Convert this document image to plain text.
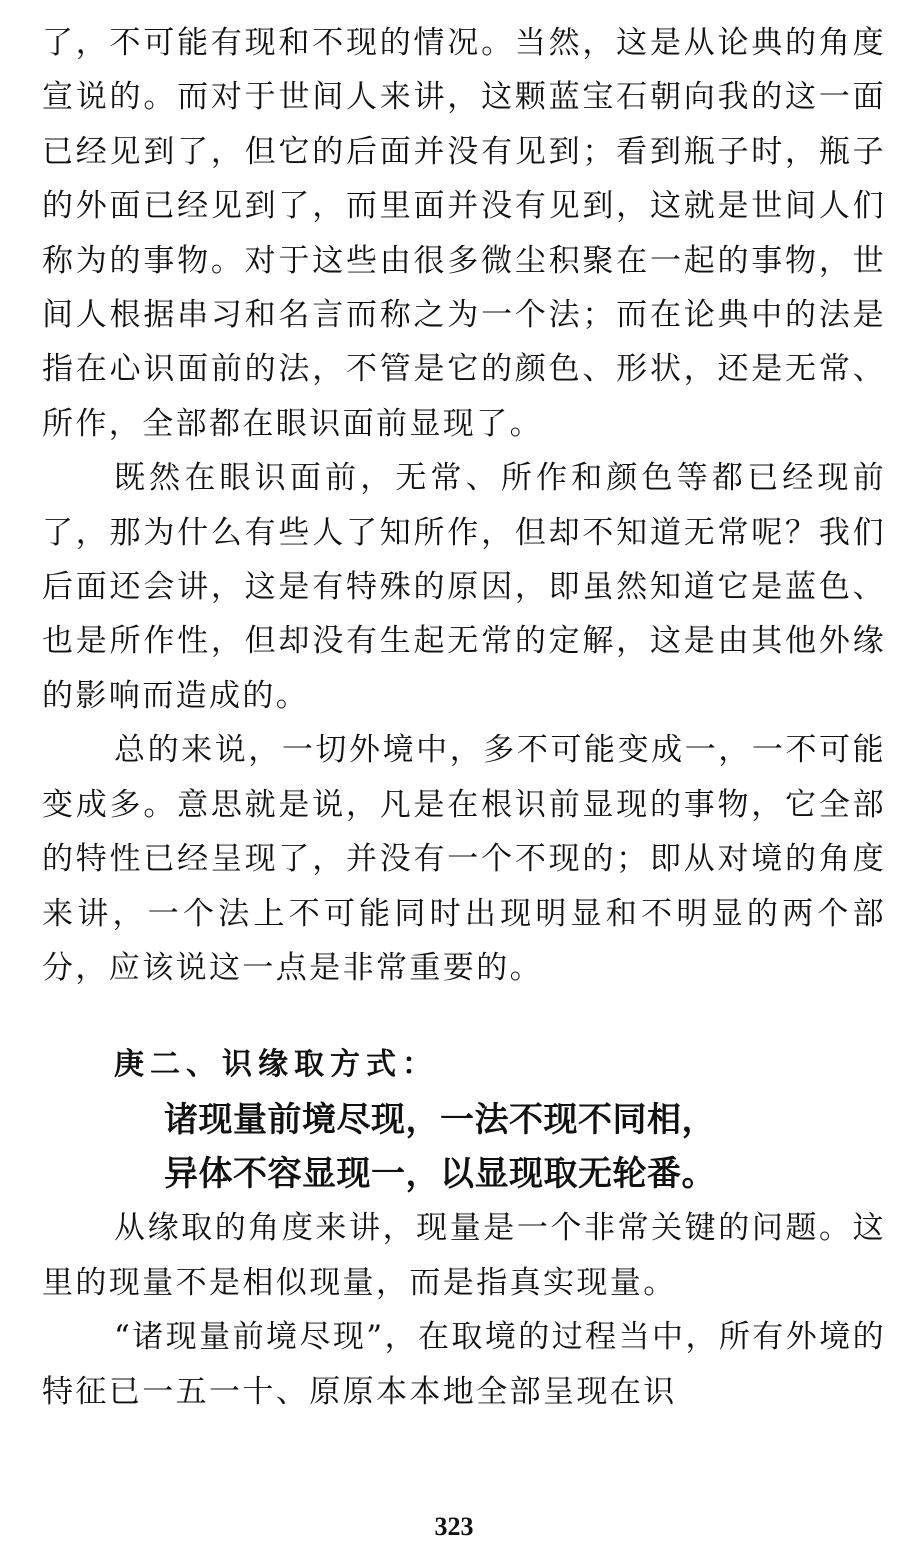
了，不可能有现和不现的情况。当然，这是从论典的角度宣说的。而对于世间人来讲，这颗蓝宝石朝向我的这一面已经见到了，但它的后面并没有见到；看到瓶子时，瓶子的外面已经见到了，而里面并没有见到，这就是世间人们称为的事物。对于这些由很多微尘积聚在一起的事物，世间人根据串习和名言而称之为一个法；而在论典中的法是指在心识面前的法，不管是它的颜色、形状，还是无常、所作，全部都在眼识面前显现了。

既然在眼识面前，无常、所作和颜色等都已经现前了，那为什么有些人了知所作，但却不知道无常呢？我们后面还会讲，这是有特殊的原因，即虽然知道它是蓝色、也是所作性，但却没有生起无常的定解，这是由其他外缘的影响而造成的。

总的来说，一切外境中，多不可能变成一，一不可能变成多。意思就是说，凡是在根识前显现的事物，它全部的特性已经呈现了，并没有一个不现的；即从对境的角度来讲，一个法上不可能同时出现明显和不明显的两个部分，应该说这一点是非常重要的。

庚二、识缘取方式：

诸现量前境尽现，一法不现不同相，

异体不容显现一，以显现取无轮番。

从缘取的角度来讲，现量是一个非常关键的问题。这里的现量不是相似现量，而是指真实现量。

“诸现量前境尽现”，在取境的过程当中，所有外境的特征已一五一十、原原本本地全部呈现在识

323
